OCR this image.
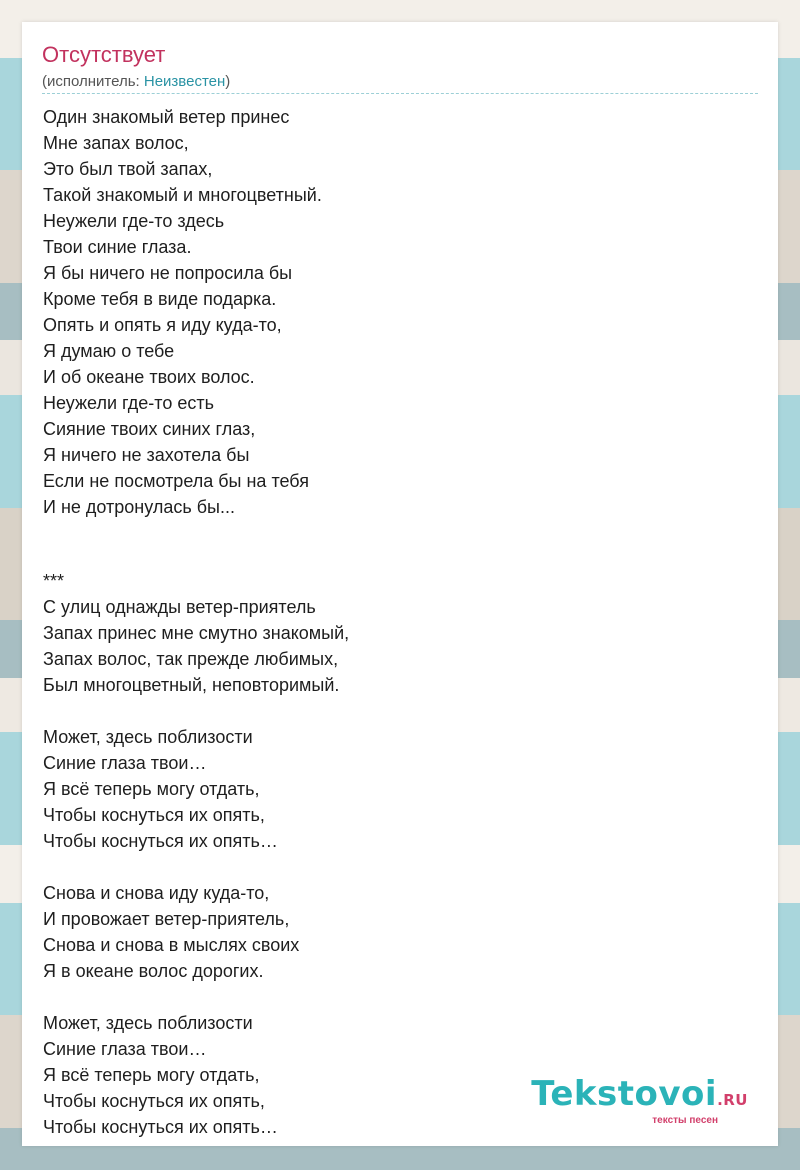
Отсутствует
(исполнитель: Неизвестен)
Один знакомый ветер принес
Мне запах волос,
Это был твой запах,
Такой знакомый и многоцветный.
Неужели где-то здесь
Твои синие глаза.
Я бы ничего не попросила бы
Кроме тебя в виде подарка.
Опять и опять я иду куда-то,
Я думаю о тебе
И об океане твоих волос.
Неужели где-то есть
Сияние твоих синих глаз,
Я ничего не захотела бы
Если не посмотрела бы на тебя
И не дотронулась бы...
***
С улиц однажды ветер-приятель
Запах принес мне смутно знакомый,
Запах волос, так прежде любимых,
Был многоцветный, неповторимый.
Может, здесь поблизости
Синие глаза твои…
Я всё теперь могу отдать,
Чтобы коснуться их опять,
Чтобы коснуться их опять…
Снова и снова иду куда-то,
И провожает ветер-приятель,
Снова и снова в мыслях своих
Я в океане волос дорогих.
Может, здесь поблизости
Синие глаза твои…
Я всё теперь могу отдать,
Чтобы коснуться их опять,
Чтобы коснуться их опять…
Tekstovoi.RU
тексты песен
